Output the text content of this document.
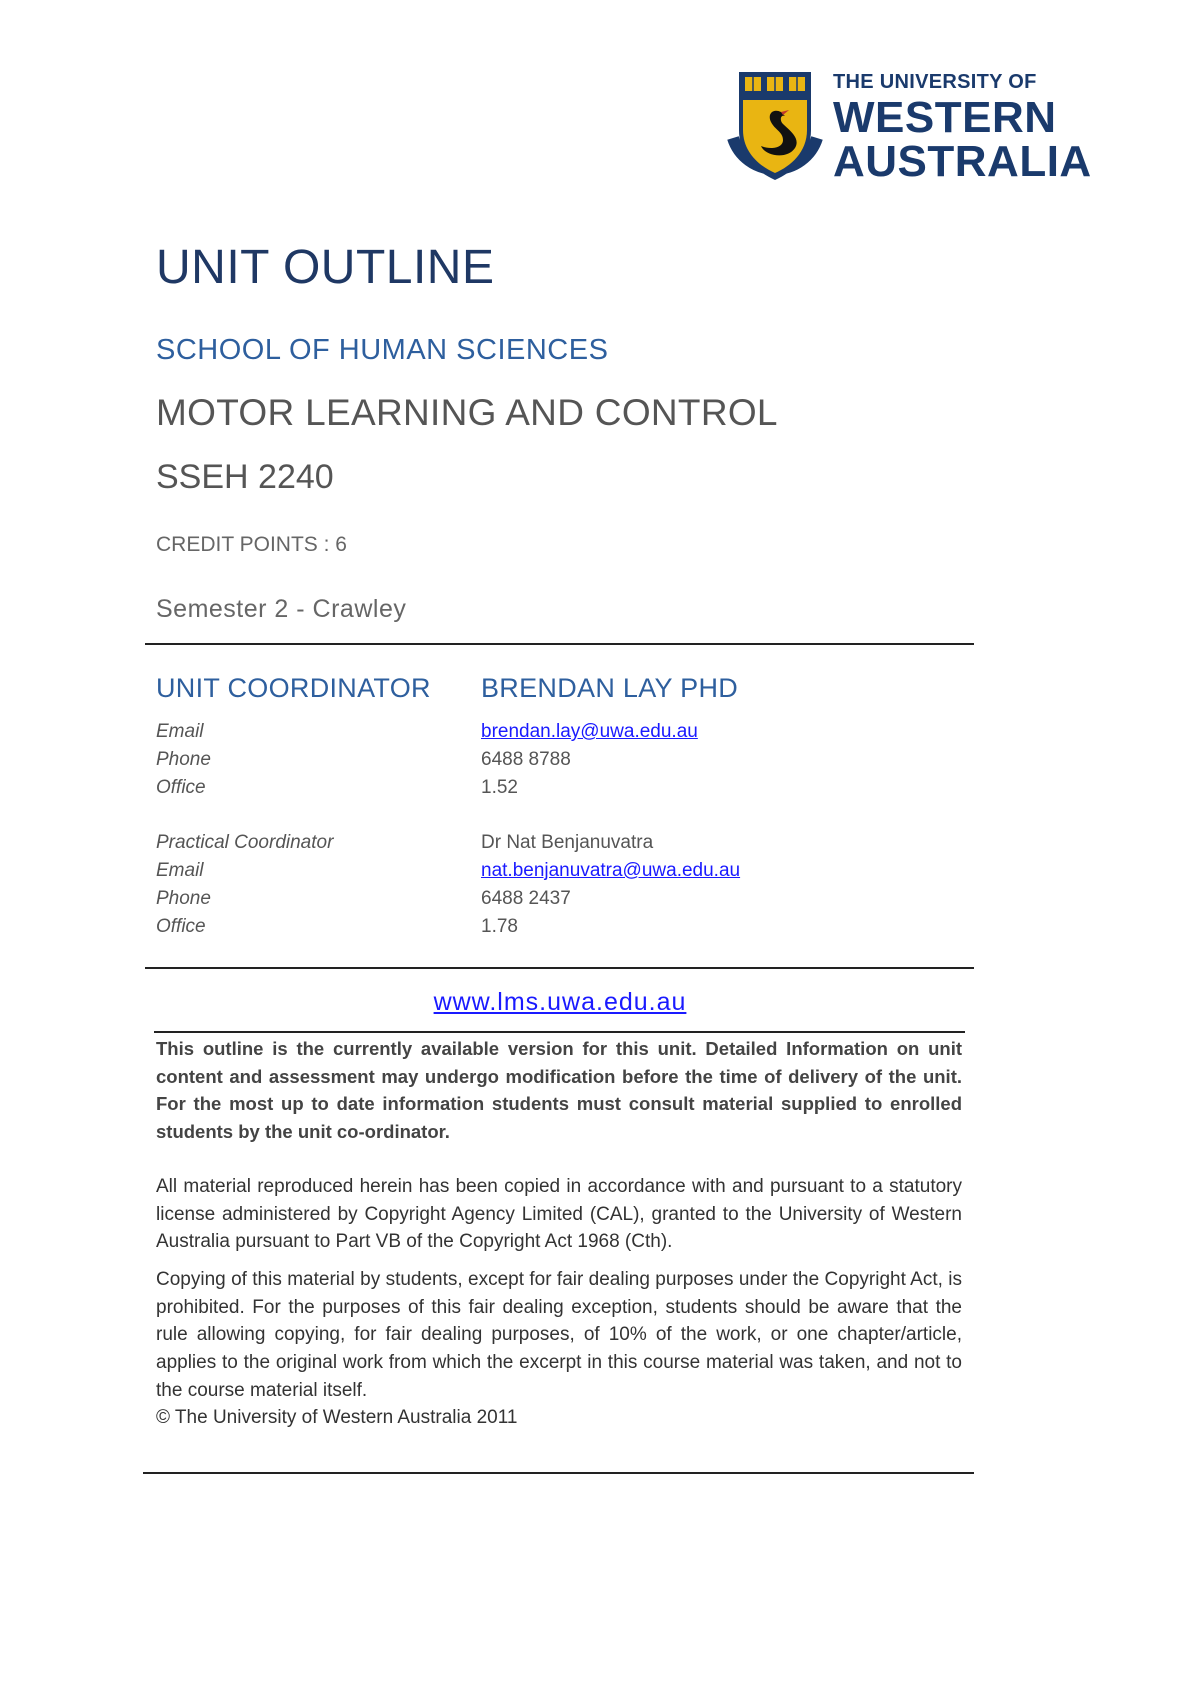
THE UNIVERSITY OF
WESTERN
AUSTRALIA
UNIT OUTLINE
SCHOOL OF HUMAN SCIENCES
MOTOR LEARNING AND CONTROL
SSEH 2240
CREDIT POINTS : 6
Semester 2 - Crawley
UNIT COORDINATOR BRENDAN LAY PHD
Email	brendan.lay@uwa.edu.au
Phone	6488 8788
Office	1.52
Practical Coordinator	Dr Nat Benjanuvatra
Email	nat.benjanuvatra@uwa.edu.au
Phone	6488 2437
Office	1.78
www.lms.uwa.edu.au
This outline is the currently available version for this unit. Detailed Information on unit content and assessment may undergo modification before the time of delivery of the unit. For the most up to date information students must consult material supplied to enrolled students by the unit co-ordinator.
All material reproduced herein has been copied in accordance with and pursuant to a statutory license administered by Copyright Agency Limited (CAL), granted to the University of Western Australia pursuant to Part VB of the Copyright Act 1968 (Cth).
Copying of this material by students, except for fair dealing purposes under the Copyright Act, is prohibited. For the purposes of this fair dealing exception, students should be aware that the rule allowing copying, for fair dealing purposes, of 10% of the work, or one chapter/article, applies to the original work from which the excerpt in this course material was taken, and not to the course material itself.
© The University of Western Australia 2011
